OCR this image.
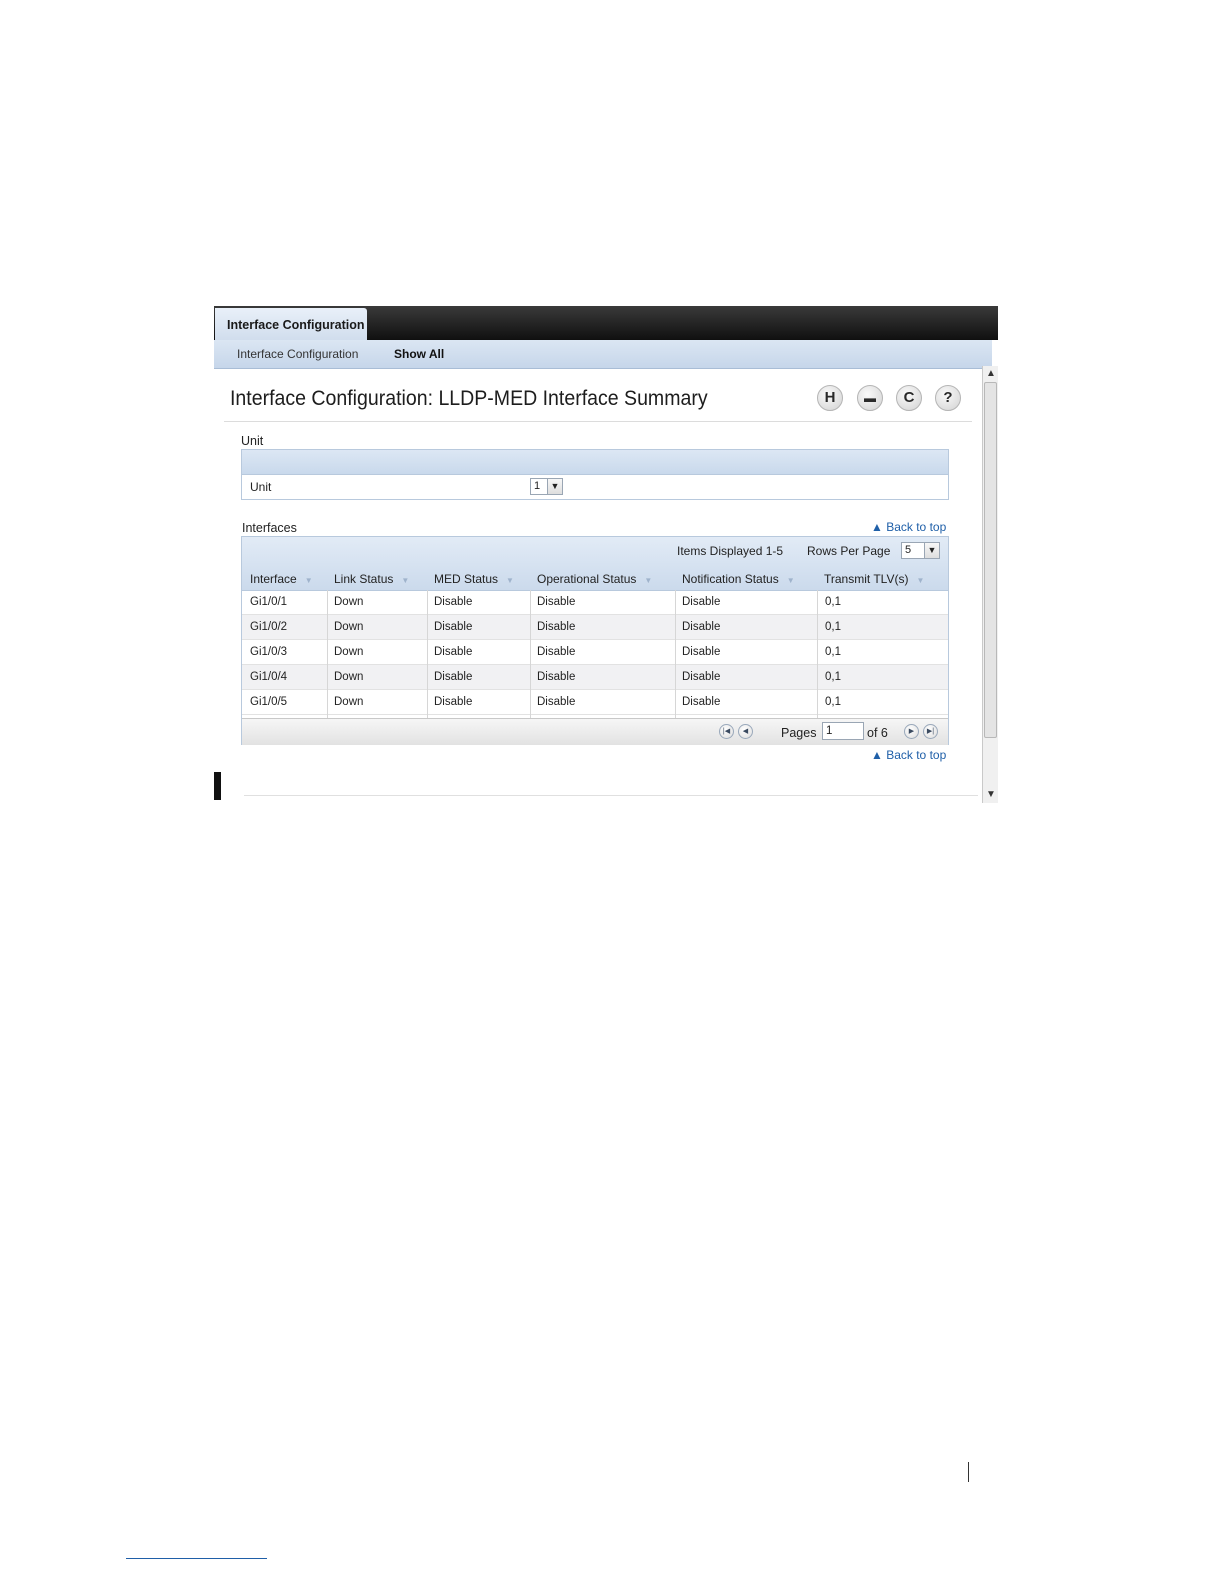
Interface Configuration
Interface Configuration	Show All
Interface Configuration: LLDP-MED Interface Summary	H	▬	C	?
Unit
Unit	1	▼
Interfaces	▲ Back to top
Items Displayed 1-5 Rows Per Page	5	▼
Interface ▼ Link Status ▼ MED Status ▼ Operational Status ▼ Notification Status ▼ Transmit TLV(s) ▼
Gi1/0/1	Down	Disable	Disable	Disable	0,1
Gi1/0/2	Down	Disable	Disable	Disable	0,1
Gi1/0/3	Down	Disable	Disable	Disable	0,1
Gi1/0/4	Down	Disable	Disable	Disable	0,1
Gi1/0/5	Down	Disable	Disable	Disable	0,1
|◀	◀	Pages 1	of 6	▶	▶|
▲ Back to top
▲
▼
